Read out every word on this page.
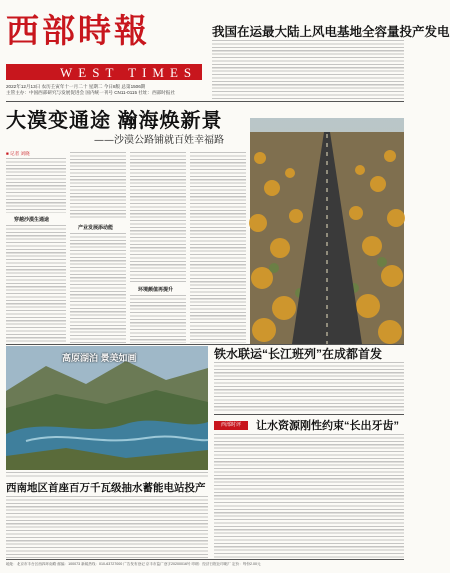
西部時報
WEST TIMES
2022年12月13日 农历壬寅年十一月二十 星期二 今日8版 总第1506期
主管主办：中国西部研究与发展促进会 国内统一刊号 CN11-0115 社址：西部时报社
我国在运最大陆上风电基地全容量投产发电
大漠变通途 瀚海焕新景
——沙漠公路铺就百姓幸福路
■ 记者 刘晓
穿越沙漠生通途
产业发展添动能
环境颜值再提升
高原湖泊 景美如画	铁水联运“长江班列”在成都首发
西部时评	让水资源刚性约束“长出牙齿”
西南地区首座百万千瓦级抽水蓄能电站投产
地址：北京市丰台区西四环南路 邮编：100073 新闻热线：010-63727000 广告发布登记 京丰市监广登字20200016号 印刷：经济日报社印刷厂 定价：每份2.00元
